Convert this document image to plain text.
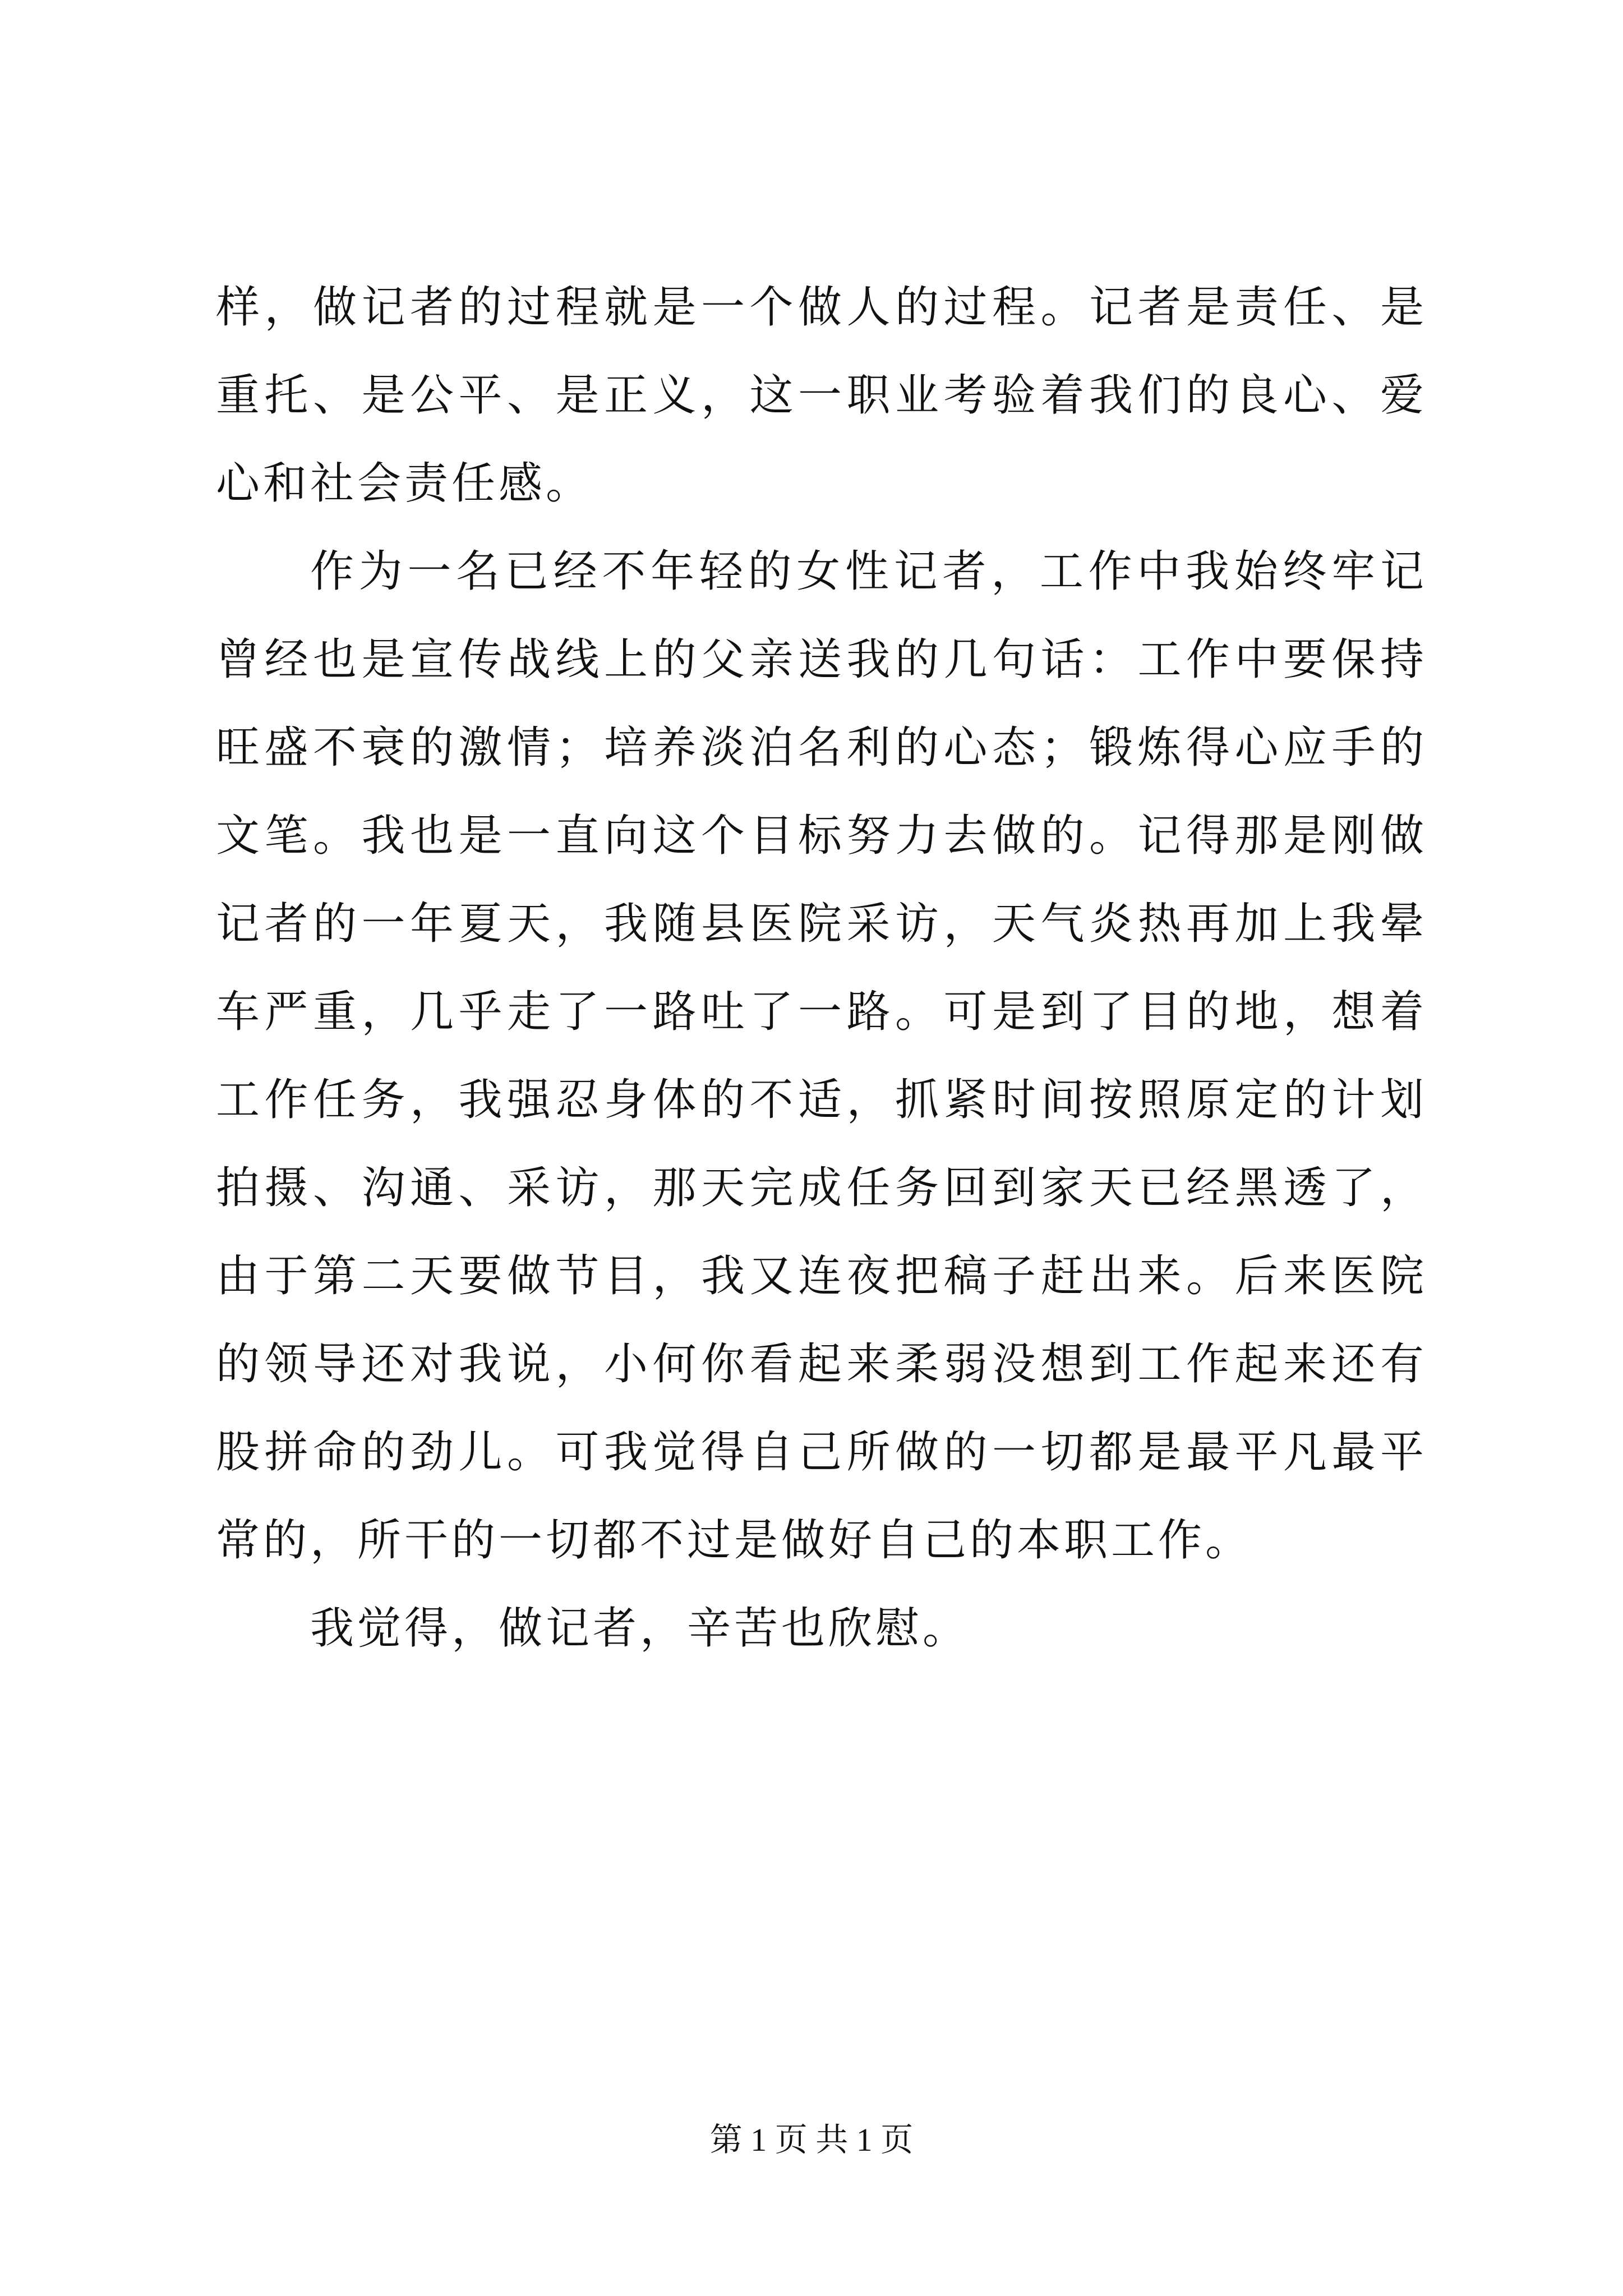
样，做记者的过程就是一个做人的过程。记者是责任、是重托、是公平、是正义，这一职业考验着我们的良心、爱心和社会责任感。

作为一名已经不年轻的女性记者，工作中我始终牢记曾经也是宣传战线上的父亲送我的几句话：工作中要保持旺盛不衰的激情；培养淡泊名利的心态；锻炼得心应手的文笔。我也是一直向这个目标努力去做的。记得那是刚做记者的一年夏天，我随县医院采访，天气炎热再加上我晕车严重，几乎走了一路吐了一路。可是到了目的地，想着工作任务，我强忍身体的不适，抓紧时间按照原定的计划拍摄、沟通、采访，那天完成任务回到家天已经黑透了，由于第二天要做节目，我又连夜把稿子赶出来。后来医院的领导还对我说，小何你看起来柔弱没想到工作起来还有股拼命的劲儿。可我觉得自己所做的一切都是最平凡最平常的，所干的一切都不过是做好自己的本职工作。

我觉得，做记者，辛苦也欣慰。

第 1 页 共 1 页
